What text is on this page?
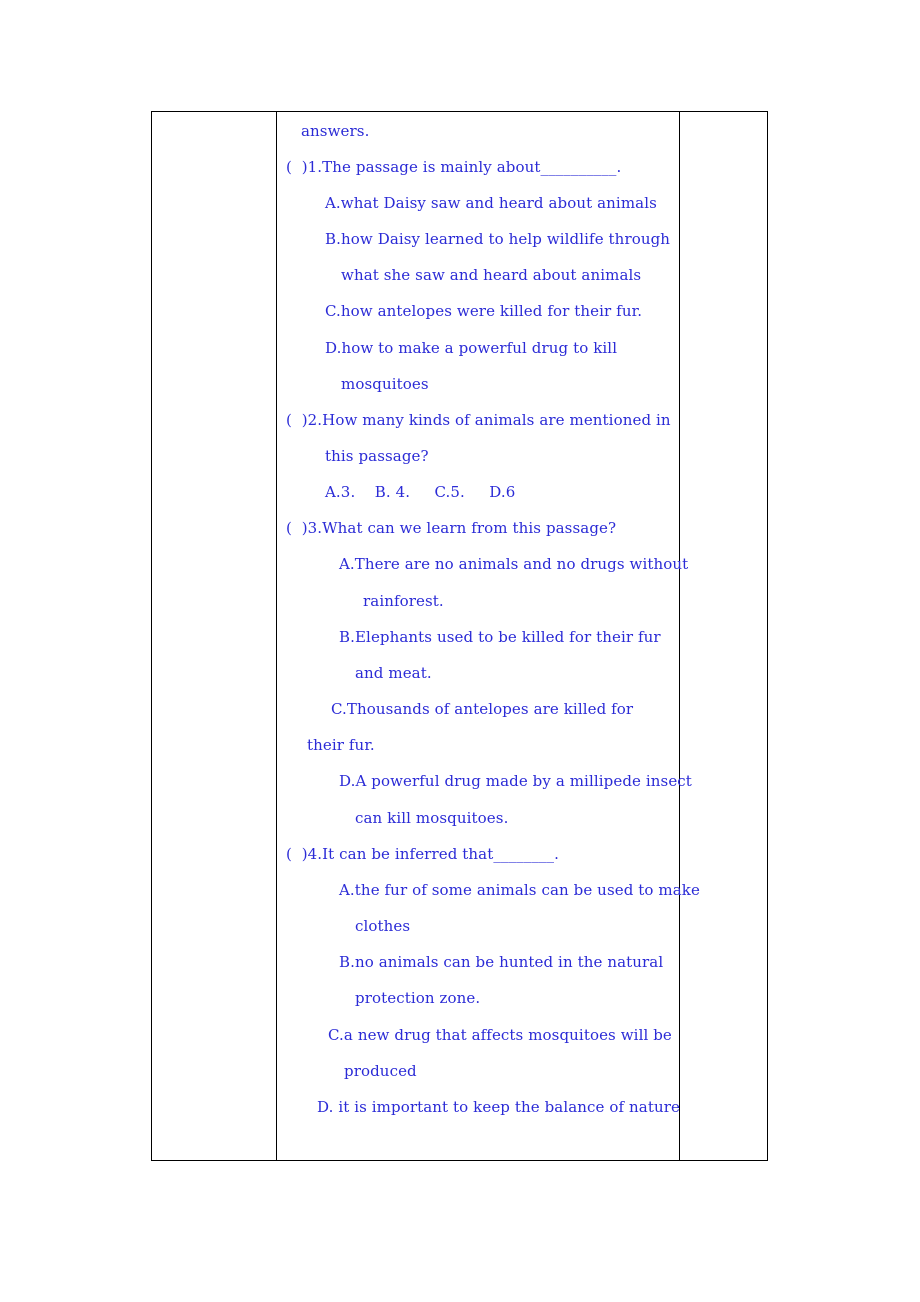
answers.
(  )1.The passage is mainly about__________.
A.what Daisy saw and heard about animals
B.how Daisy learned to help wildlife through
what she saw and heard about animals
C.how antelopes were killed for their fur.
D.how to make a powerful drug to kill
mosquitoes
(  )2.How many kinds of animals are mentioned in
this passage?
A.3.    B. 4.     C.5.     D.6
(  )3.What can we learn from this passage?
A.There are no animals and no drugs without
rainforest.
B.Elephants used to be killed for their fur
and meat.
C.Thousands of antelopes are killed for
their fur.
D.A powerful drug made by a millipede insect
can kill mosquitoes.
(  )4.It can be inferred that________.
A.the fur of some animals can be used to make
clothes
B.no animals can be hunted in the natural
protection zone.
C.a new drug that affects mosquitoes will be
produced
D. it is important to keep the balance of nature
